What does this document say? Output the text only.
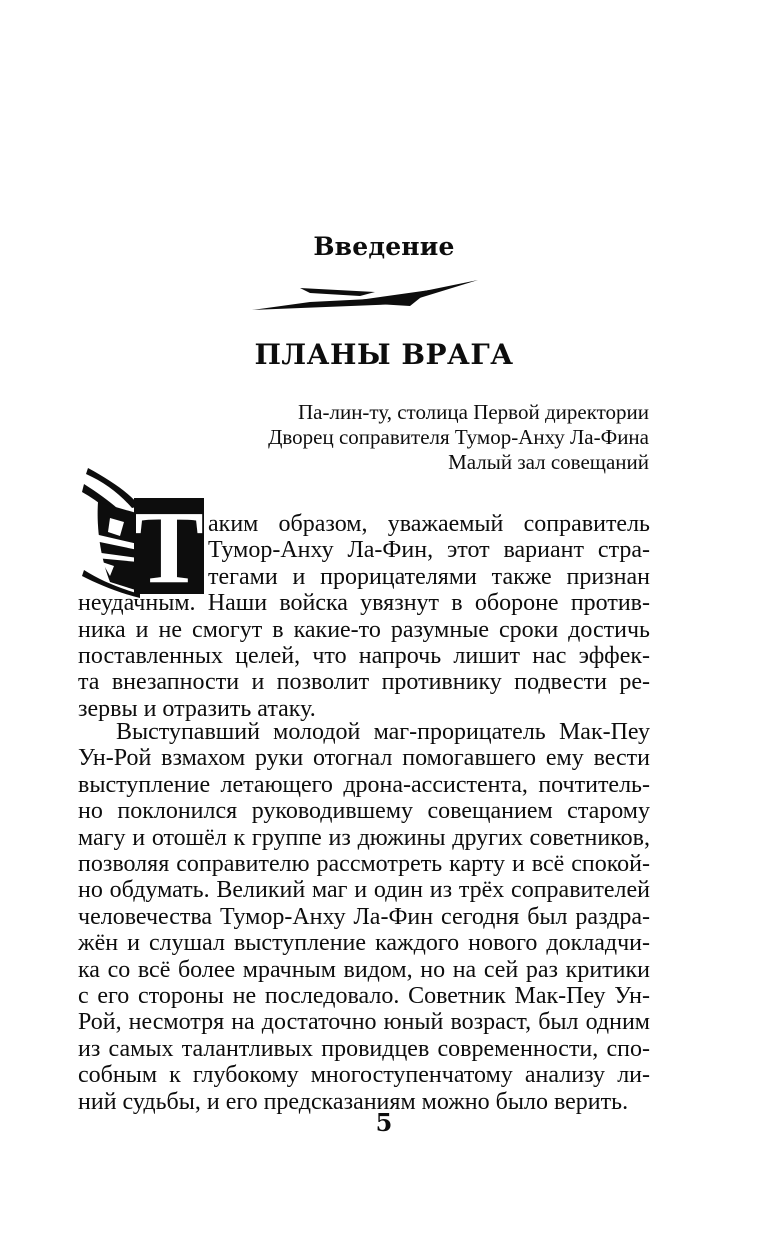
Введение
ПЛАНЫ ВРАГА
Па-лин-ту, столица Первой директории
Дворец соправителя Тумор-Анху Ла-Фина
Малый зал совещаний
Т аким образом, уважаемый соправитель
Тумор-Анху Ла-Фин, этот вариант стра-
тегами и прорицателями также признан
неудачным. Наши войска увязнут в обороне против-
ника и не смогут в какие-то разумные сроки достичь
поставленных целей, что напрочь лишит нас эффек-
та внезапности и позволит противнику подвести ре-
зервы и отразить атаку.
Выступавший молодой маг-прорицатель Мак-Пеу
Ун-Рой взмахом руки отогнал помогавшего ему вести
выступление летающего дрона-ассистента, почтитель-
но поклонился руководившему совещанием старому
магу и отошёл к группе из дюжины других советников,
позволяя соправителю рассмотреть карту и всё спокой-
но обдумать. Великий маг и один из трёх соправителей
человечества Тумор-Анху Ла-Фин сегодня был раздра-
жён и слушал выступление каждого нового докладчи-
ка со всё более мрачным видом, но на сей раз критики
с его стороны не последовало. Советник Мак-Пеу Ун-
Рой, несмотря на достаточно юный возраст, был одним
из самых талантливых провидцев современности, спо-
собным к глубокому многоступенчатому анализу ли-
ний судьбы, и его предсказаниям можно было верить.
5
